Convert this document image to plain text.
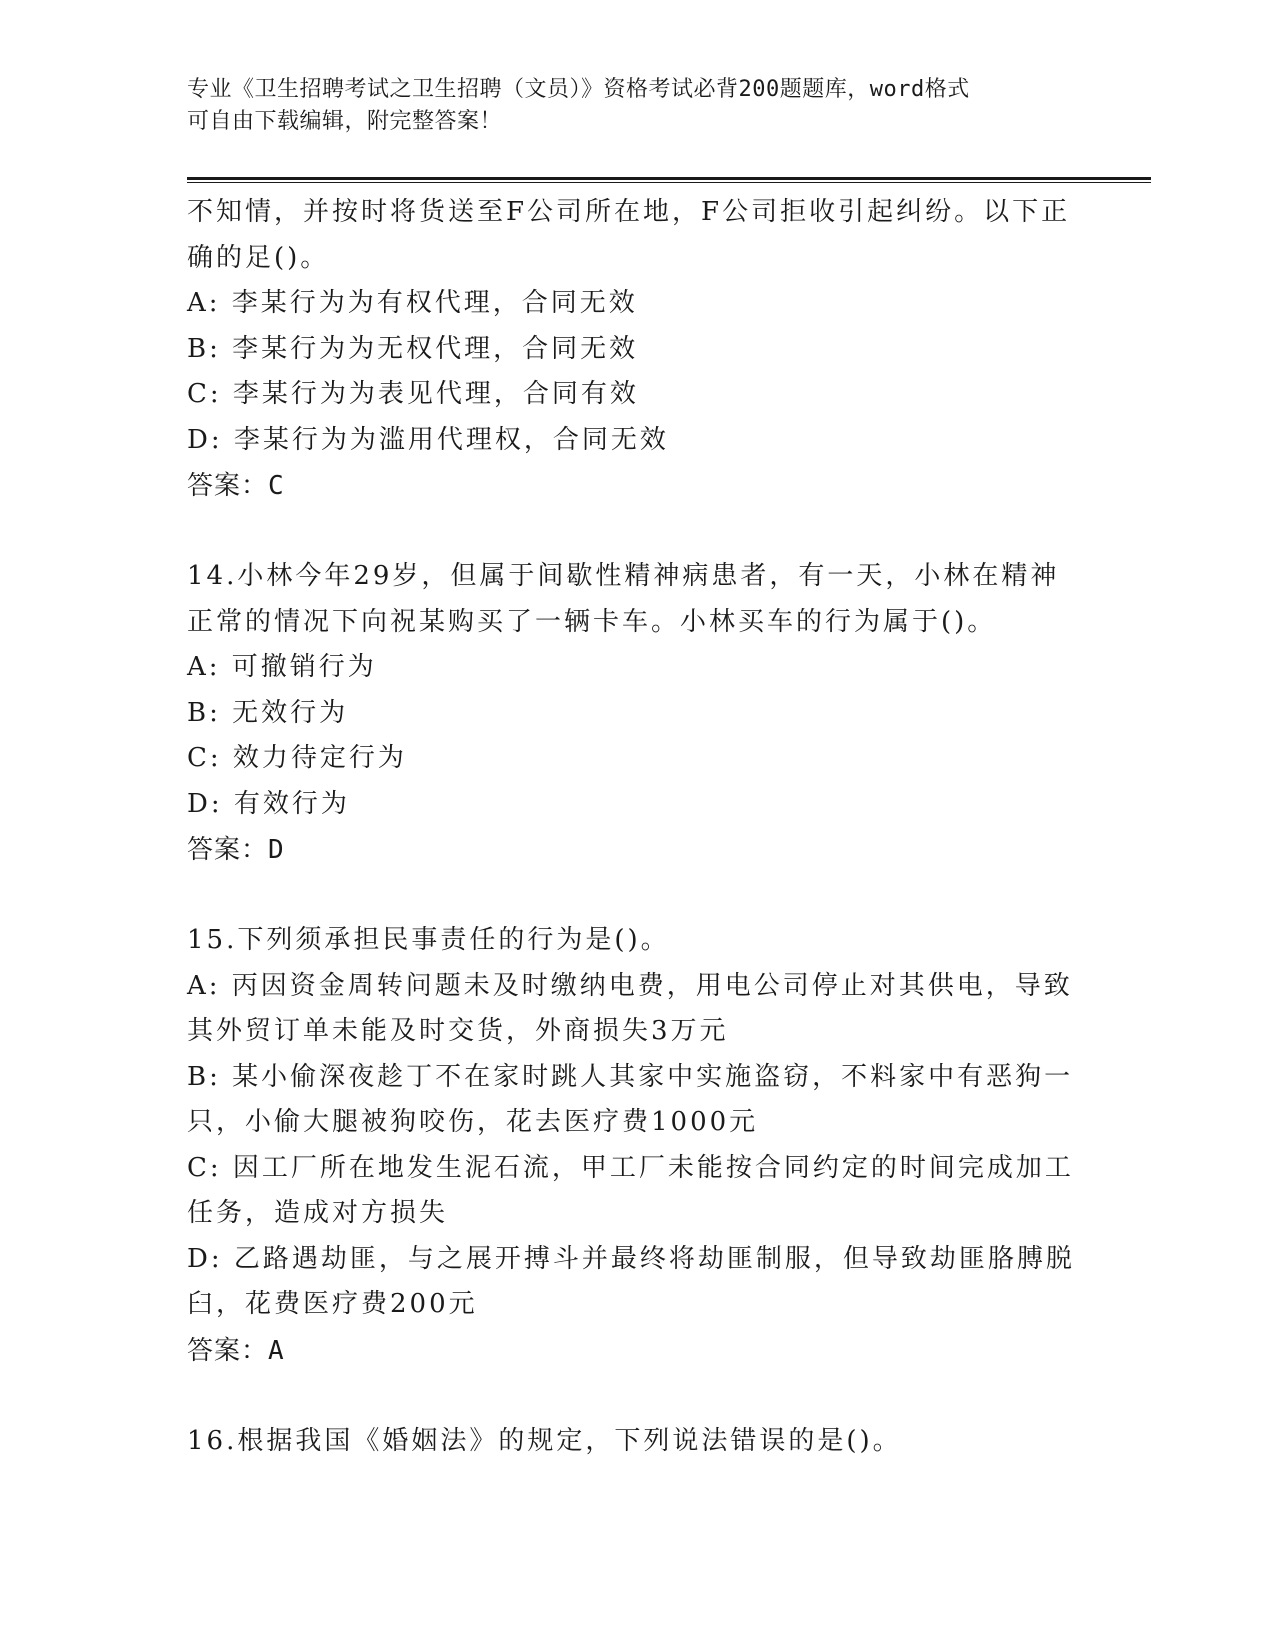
专业《卫生招聘考试之卫生招聘（文员）》资格考试必背200题题库，word格式
可自由下载编辑，附完整答案！
不知情，并按时将货送至F公司所在地，F公司拒收引起纠纷。以下正
确的足()。
A: 李某行为为有权代理，合同无效
B: 李某行为为无权代理，合同无效
C: 李某行为为表见代理，合同有效
D: 李某行为为滥用代理权，合同无效
答案：C
14.小林今年29岁，但属于间歇性精神病患者，有一天，小林在精神
正常的情况下向祝某购买了一辆卡车。小林买车的行为属于()。
A: 可撤销行为
B: 无效行为
C: 效力待定行为
D: 有效行为
答案：D
15.下列须承担民事责任的行为是()。
A: 丙因资金周转问题未及时缴纳电费，用电公司停止对其供电，导致
其外贸订单未能及时交货，外商损失3万元
B: 某小偷深夜趁丁不在家时跳人其家中实施盗窃，不料家中有恶狗一
只，小偷大腿被狗咬伤，花去医疗费1000元
C: 因工厂所在地发生泥石流，甲工厂未能按合同约定的时间完成加工
任务，造成对方损失
D: 乙路遇劫匪，与之展开搏斗并最终将劫匪制服，但导致劫匪胳膊脱
臼，花费医疗费200元
答案：A
16.根据我国《婚姻法》的规定，下列说法错误的是()。
